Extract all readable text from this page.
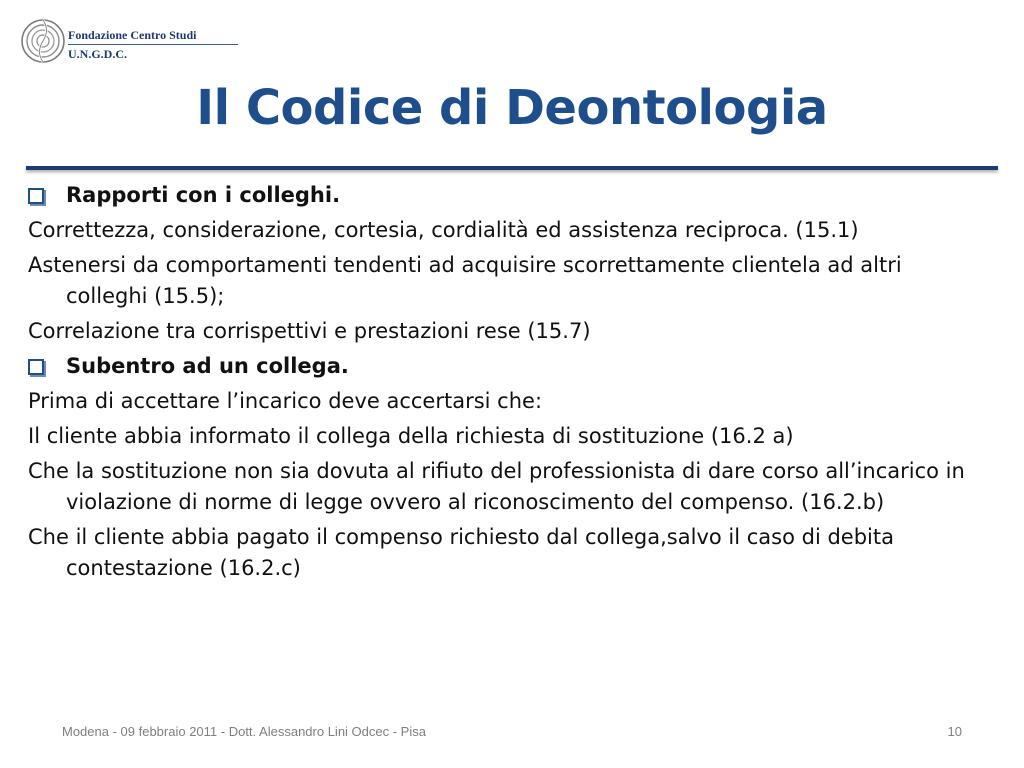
Fondazione Centro Studi
U.N.G.D.C.
Il Codice di Deontologia
Rapporti con i colleghi.
Correttezza, considerazione, cortesia, cordialità ed assistenza reciproca. (15.1)
Astenersi da comportamenti tendenti ad acquisire scorrettamente clientela ad altri colleghi (15.5);
Correlazione tra corrispettivi e prestazioni rese (15.7)
Subentro ad un collega.
Prima di accettare l’incarico deve accertarsi che:
Il cliente abbia informato il collega della richiesta di sostituzione (16.2 a)
Che la sostituzione non sia dovuta al rifiuto del professionista di dare corso all’incarico in violazione di norme di legge ovvero al riconoscimento del compenso. (16.2.b)
Che il cliente abbia pagato il compenso richiesto dal collega,salvo il caso di debita contestazione (16.2.c)
Modena - 09 febbraio 2011 - Dott. Alessandro Lini Odcec - Pisa	10
